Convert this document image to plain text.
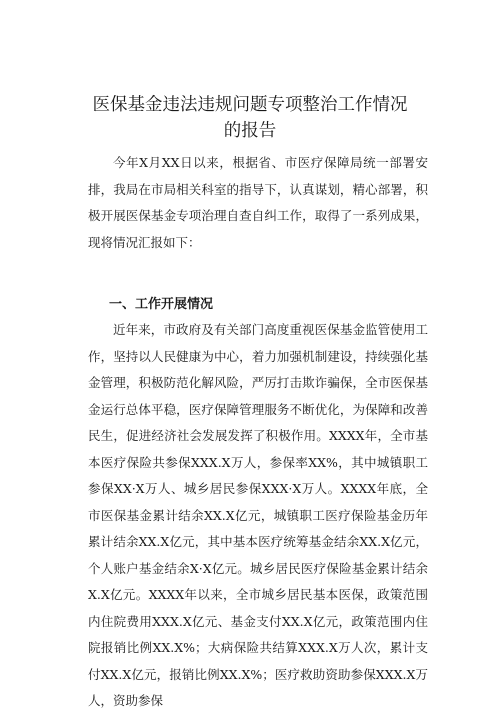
医保基金违法违规问题专项整治工作情况
的报告
今年X月XX日以来，根据省、市医疗保障局统一部署安排，我局在市局相关科室的指导下，认真谋划，精心部署，积极开展医保基金专项治理自查自纠工作，取得了一系列成果，现将情况汇报如下：
一、工作开展情况
近年来，市政府及有关部门高度重视医保基金监管使用工作，坚持以人民健康为中心，着力加强机制建设，持续强化基金管理，积极防范化解风险，严厉打击欺诈骗保，全市医保基金运行总体平稳，医疗保障管理服务不断优化，为保障和改善民生，促进经济社会发展发挥了积极作用。XXXX年，全市基本医疗保险共参保XXX.X万人，参保率XX%，其中城镇职工参保XX·X万人、城乡居民参保XXX·X万人。XXXX年底，全市医保基金累计结余XX.X亿元，城镇职工医疗保险基金历年累计结余XX.X亿元，其中基本医疗统筹基金结余XX.X亿元，个人账户基金结余X·X亿元。城乡居民医疗保险基金累计结余X.X亿元。XXXX年以来，全市城乡居民基本医保，政策范围内住院费用XXX.X亿元、基金支付XX.X亿元，政策范围内住院报销比例XX.X%；大病保险共结算XXX.X万人次，累计支付XX.X亿元，报销比例XX.X%；医疗救助资助参保XXX.X万人，资助参保
